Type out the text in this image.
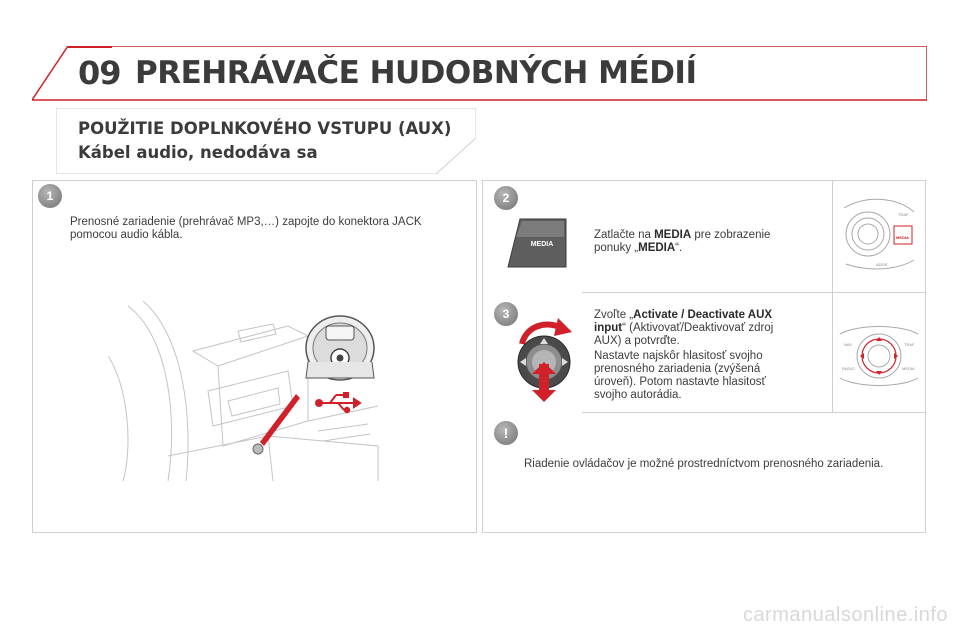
09 PREHRÁVAČE HUDOBNÝCH MÉDIÍ
POUŽITIE DOPLNKOVÉHO VSTUPU (AUX)
Kábel audio, nedodáva sa
1
Prenosné zariadenie (prehrávač MP3,…) zapojte do konektora JACK pomocou audio kábla.
2
MEDIA
Zatlačte na MEDIA pre zobrazenie ponuky „MEDIA“.
TRAF
MEDIA
ADDR.
3	Zvoľte „Activate / Deactivate AUX input“ (Aktivovať/Deaktivovať zdroj AUX) a potvrďte.
Nastavte najskôr hlasitosť svojho prenosného zariadenia (zvýšená úroveň). Potom nastavte hlasitosť svojho autorádia.
NAV	TRAF
RADIO	MEDIA
!
Riadenie ovládačov je možné prostredníctvom prenosného zariadenia.
carmanualsonline.info
